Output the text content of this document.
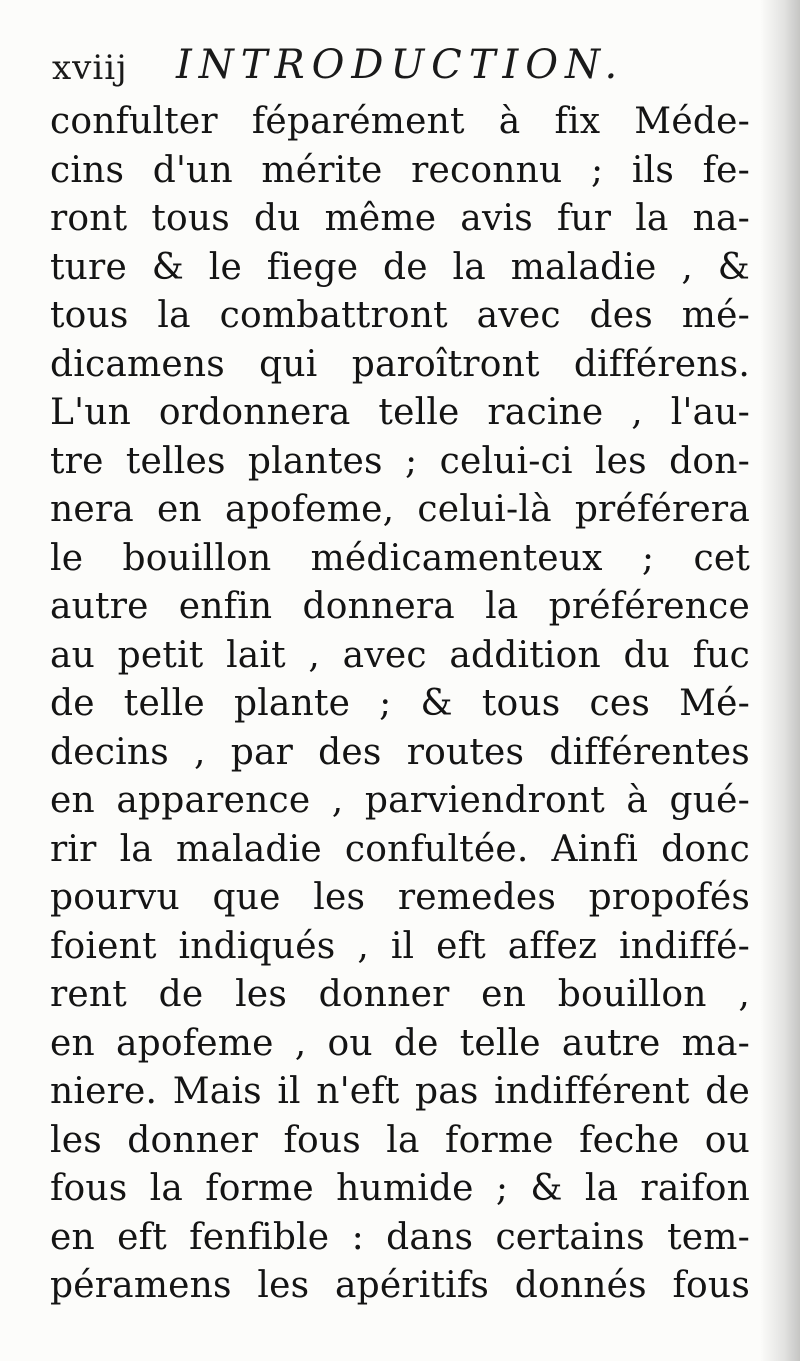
xviij INTRODUCTION.
confulter féparément à fix Méde-
cins d'un mérite reconnu ; ils fe-
ront tous du même avis fur la na-
ture & le fiege de la maladie , &
tous la combattront avec des mé-
dicamens qui paroîtront différens.
L'un ordonnera telle racine , l'au-
tre telles plantes ; celui-ci les don-
nera en apofeme, celui-là préférera
le bouillon médicamenteux ; cet
autre enfin donnera la préférence
au petit lait , avec addition du fuc
de telle plante ; & tous ces Mé-
decins , par des routes différentes
en apparence , parviendront à gué-
rir la maladie confultée. Ainfi donc
pourvu que les remedes propofés
foient indiqués , il eft affez indiffé-
rent de les donner en bouillon ,
en apofeme , ou de telle autre ma-
niere. Mais il n'eft pas indifférent de
les donner fous la forme feche ou
fous la forme humide ; & la raifon
en eft fenfible : dans certains tem-
péramens les apéritifs donnés fous
